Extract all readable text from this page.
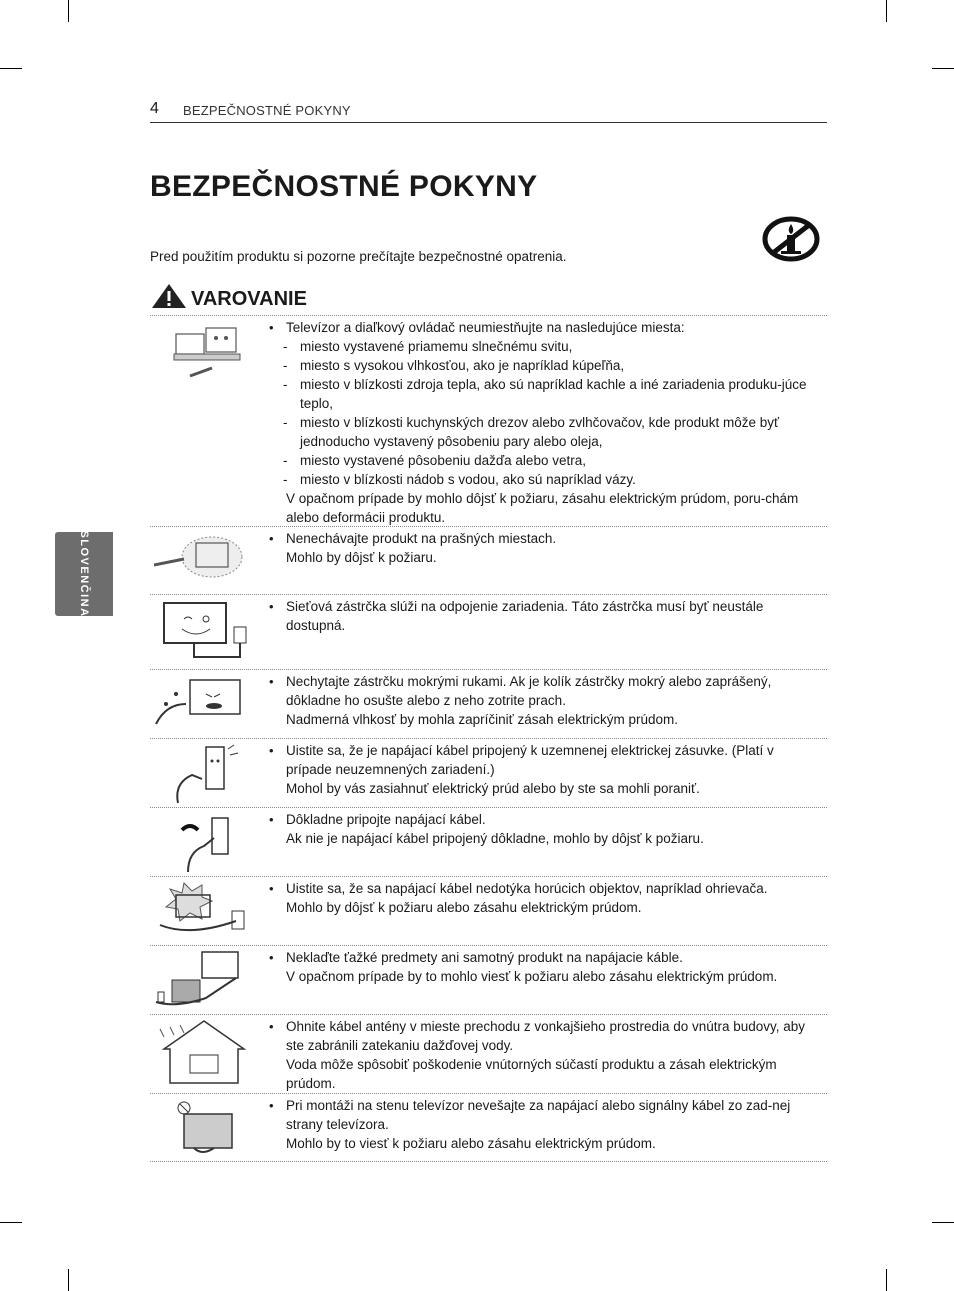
4 BEZPEČNOSTNÉ POKYNY
BEZPEČNOSTNÉ POKYNY
Pred použitím produktu si pozorne prečítajte bezpečnostné opatrenia.
VAROVANIE
SLOVENČINA
• Televízor a diaľkový ovládač neumiestňujte na nasledujúce miesta:
- miesto vystavené priamemu slnečnému svitu,
- miesto s vysokou vlhkosťou, ako je napríklad kúpeľňa,
- miesto v blízkosti zdroja tepla, ako sú napríklad kachle a iné zariadenia produku-júce teplo,
- miesto v blízkosti kuchynských drezov alebo zvlhčovačov, kde produkt môže byť jednoducho vystavený pôsobeniu pary alebo oleja,
- miesto vystavené pôsobeniu dažďa alebo vetra,
- miesto v blízkosti nádob s vodou, ako sú napríklad vázy.
V opačnom prípade by mohlo dôjsť k požiaru, zásahu elektrickým prúdom, poru-chám alebo deformácii produktu.
• Nenechávajte produkt na prašných miestach.
Mohlo by dôjsť k požiaru.
• Sieťová zástrčka slúži na odpojenie zariadenia. Táto zástrčka musí byť neustále dostupná.
• Nechytajte zástrčku mokrými rukami. Ak je kolík zástrčky mokrý alebo zaprášený, dôkladne ho osušte alebo z neho zotrite prach.
Nadmerná vlhkosť by mohla zapríčiniť zásah elektrickým prúdom.
• Uistite sa, že je napájací kábel pripojený k uzemnenej elektrickej zásuvke. (Platí v prípade neuzemnených zariadení.)
Mohol by vás zasiahnuť elektrický prúd alebo by ste sa mohli poraniť.
• Dôkladne pripojte napájací kábel.
Ak nie je napájací kábel pripojený dôkladne, mohlo by dôjsť k požiaru.
• Uistite sa, že sa napájací kábel nedotýka horúcich objektov, napríklad ohrievača.
Mohlo by dôjsť k požiaru alebo zásahu elektrickým prúdom.
• Neklaďte ťažké predmety ani samotný produkt na napájacie káble.
V opačnom prípade by to mohlo viesť k požiaru alebo zásahu elektrickým prúdom.
• Ohnite kábel antény v mieste prechodu z vonkajšieho prostredia do vnútra budovy, aby ste zabránili zatekaniu dažďovej vody.
Voda môže spôsobiť poškodenie vnútorných súčastí produktu a zásah elektrickým prúdom.
• Pri montáži na stenu televízor nevešajte za napájací alebo signálny kábel zo zad-nej strany televízora.
Mohlo by to viesť k požiaru alebo zásahu elektrickým prúdom.
